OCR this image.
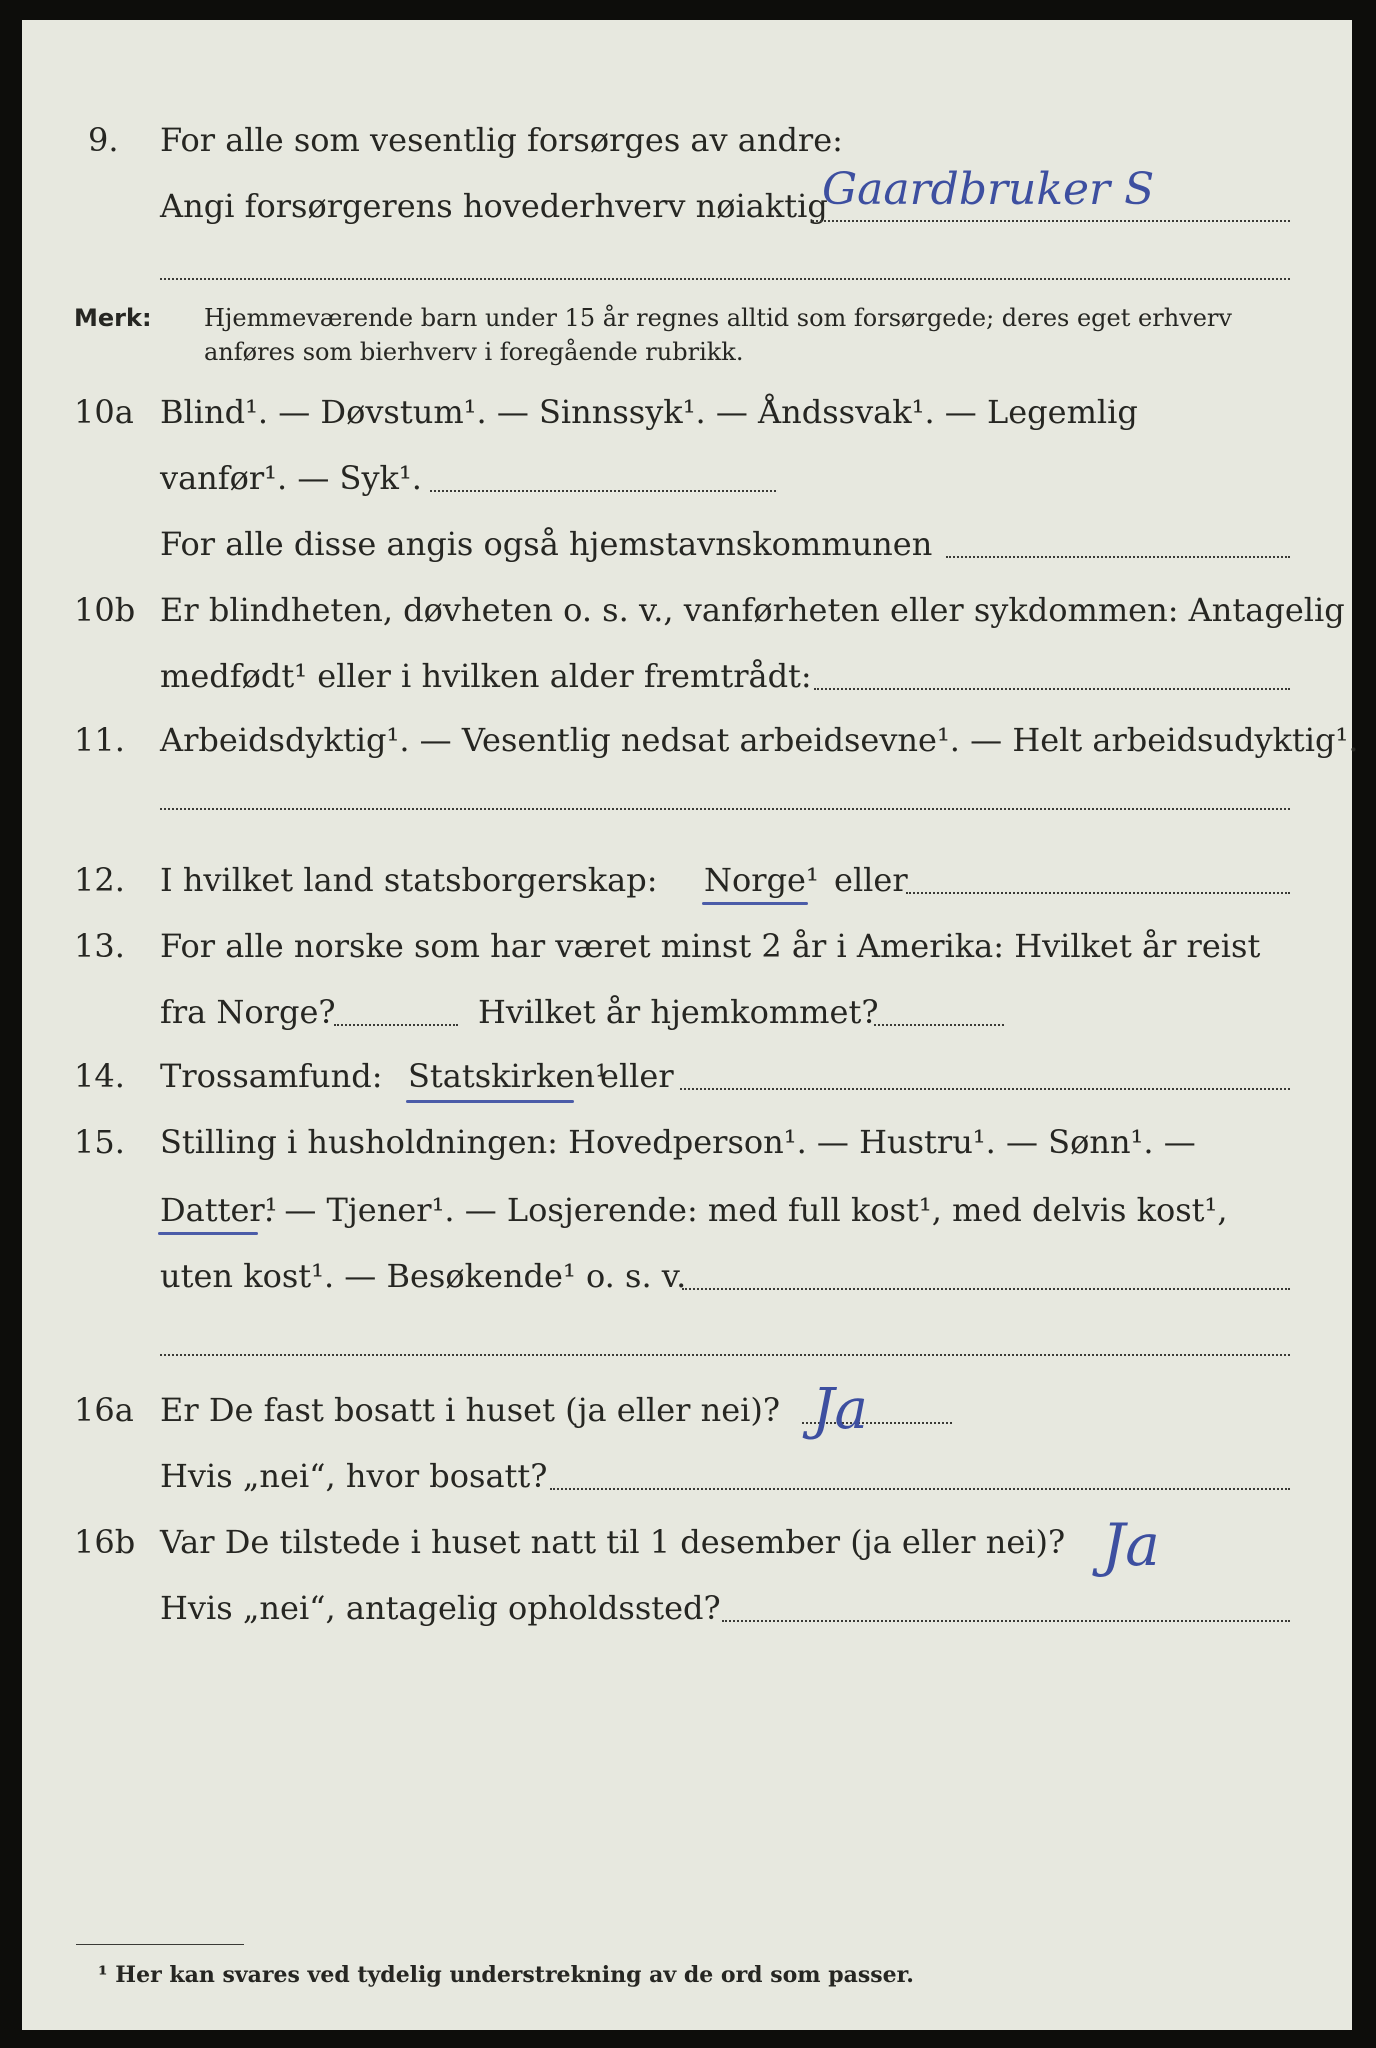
9. For alle som vesentlig forsørges av andre:
Angi forsørgerens hovederhverv nøiaktig
Gaardbruker S
Merk: Hjemmeværende barn under 15 år regnes alltid som forsørgede; deres eget erhverv
anføres som bierhverv i foregående rubrikk.
10a Blind¹. — Døvstum¹. — Sinnssyk¹. — Åndssvak¹. — Legemlig
vanfør¹. — Syk¹.
For alle disse angis også hjemstavnskommunen
10b Er blindheten, døvheten o. s. v., vanførheten eller sykdommen: Antagelig
medfødt¹ eller i hvilken alder fremtrådt:
11. Arbeidsdyktig¹. — Vesentlig nedsat arbeidsevne¹. — Helt arbeidsudyktig¹.
12. I hvilket land statsborgerskap: Norge¹ eller
13. For alle norske som har været minst 2 år i Amerika: Hvilket år reist
fra Norge?	Hvilket år hjemkommet?
14. Trossamfund: Statskirken¹
eller
15. Stilling i husholdningen: Hovedperson¹. — Hustru¹. — Sønn¹. —
Datter¹
. — Tjener¹. — Losjerende: med full kost¹, med delvis kost¹,
uten kost¹. — Besøkende¹ o. s. v.
16a Er De fast bosatt i huset (ja eller nei)? Ja
Hvis „nei“, hvor bosatt?
16b Var De tilstede i huset natt til 1 desember (ja eller nei)? Ja
Hvis „nei“, antagelig opholdssted?
¹ Her kan svares ved tydelig understrekning av de ord som passer.
